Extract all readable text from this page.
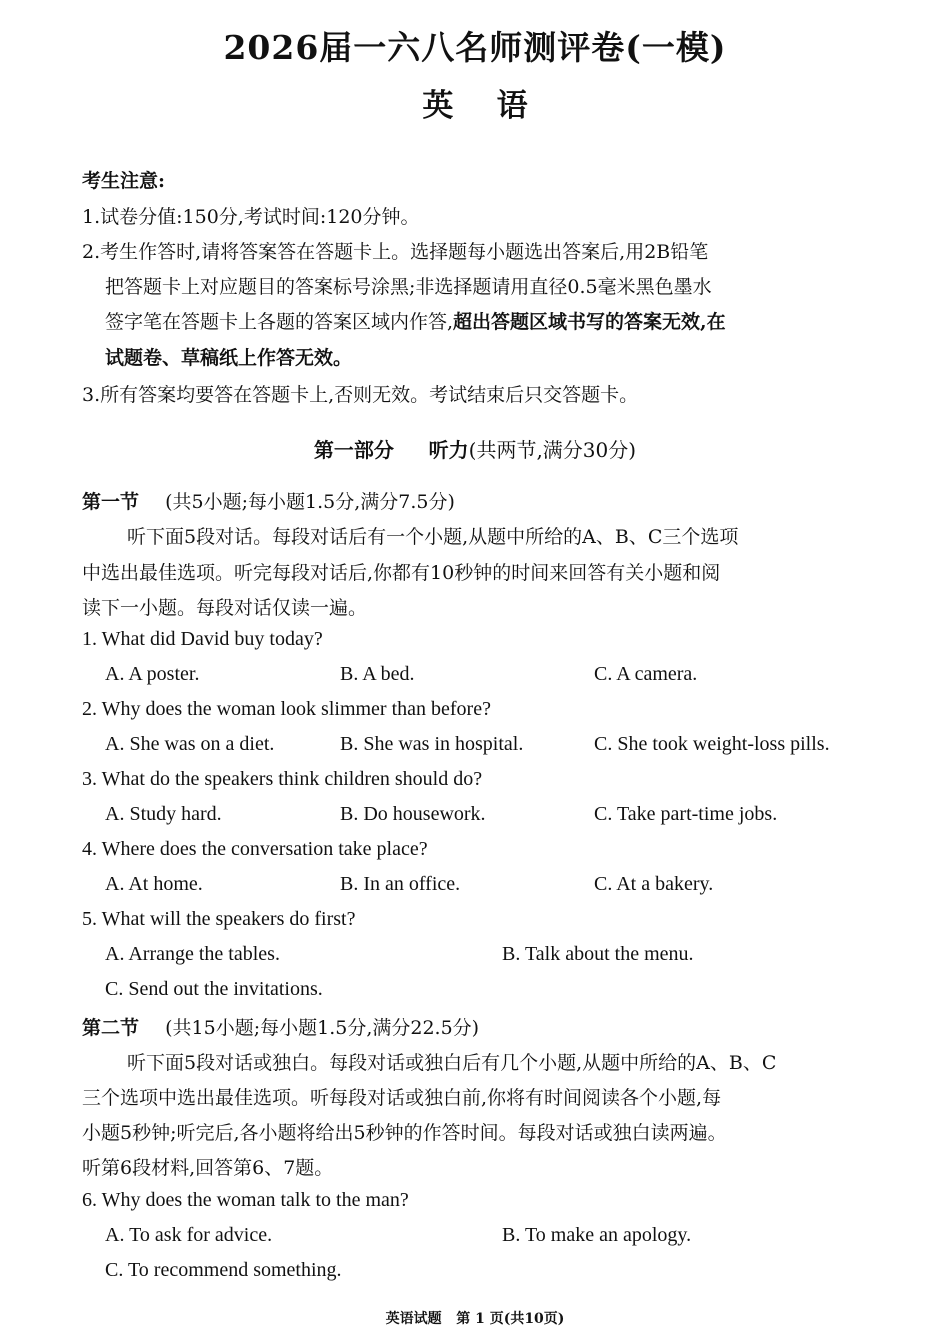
2026届一六八名师测评卷(一模)
英    语
考生注意:
1.试卷分值:150分,考试时间:120分钟。
2.考生作答时,请将答案答在答题卡上。选择题每小题选出答案后,用2B铅笔
把答题卡上对应题目的答案标号涂黑;非选择题请用直径0.5毫米黑色墨水
签字笔在答题卡上各题的答案区域内作答,超出答题区域书写的答案无效,在
试题卷、草稿纸上作答无效。
3.所有答案均要答在答题卡上,否则无效。考试结束后只交答题卡。
第一部分 听力(共两节,满分30分)
第一节 (共5小题;每小题1.5分,满分7.5分)
听下面5段对话。每段对话后有一个小题,从题中所给的A、B、C三个选项
中选出最佳选项。听完每段对话后,你都有10秒钟的时间来回答有关小题和阅
读下一小题。每段对话仅读一遍。
1. What did David buy today?
A. A poster.	B. A bed.	C. A camera.
2. Why does the woman look slimmer than before?
A. She was on a diet.	B. She was in hospital.	C. She took weight-loss pills.
3. What do the speakers think children should do?
A. Study hard.	B. Do housework.	C. Take part-time jobs.
4. Where does the conversation take place?
A. At home.	B. In an office.	C. At a bakery.
5. What will the speakers do first?
A. Arrange the tables.	B. Talk about the menu.
C. Send out the invitations.
第二节 (共15小题;每小题1.5分,满分22.5分)
听下面5段对话或独白。每段对话或独白后有几个小题,从题中所给的A、B、C
三个选项中选出最佳选项。听每段对话或独白前,你将有时间阅读各个小题,每
小题5秒钟;听完后,各小题将给出5秒钟的作答时间。每段对话或独白读两遍。
听第6段材料,回答第6、7题。
6. Why does the woman talk to the man?
A. To ask for advice.	B. To make an apology.
C. To recommend something.
英语试题   第 1 页(共10页)
